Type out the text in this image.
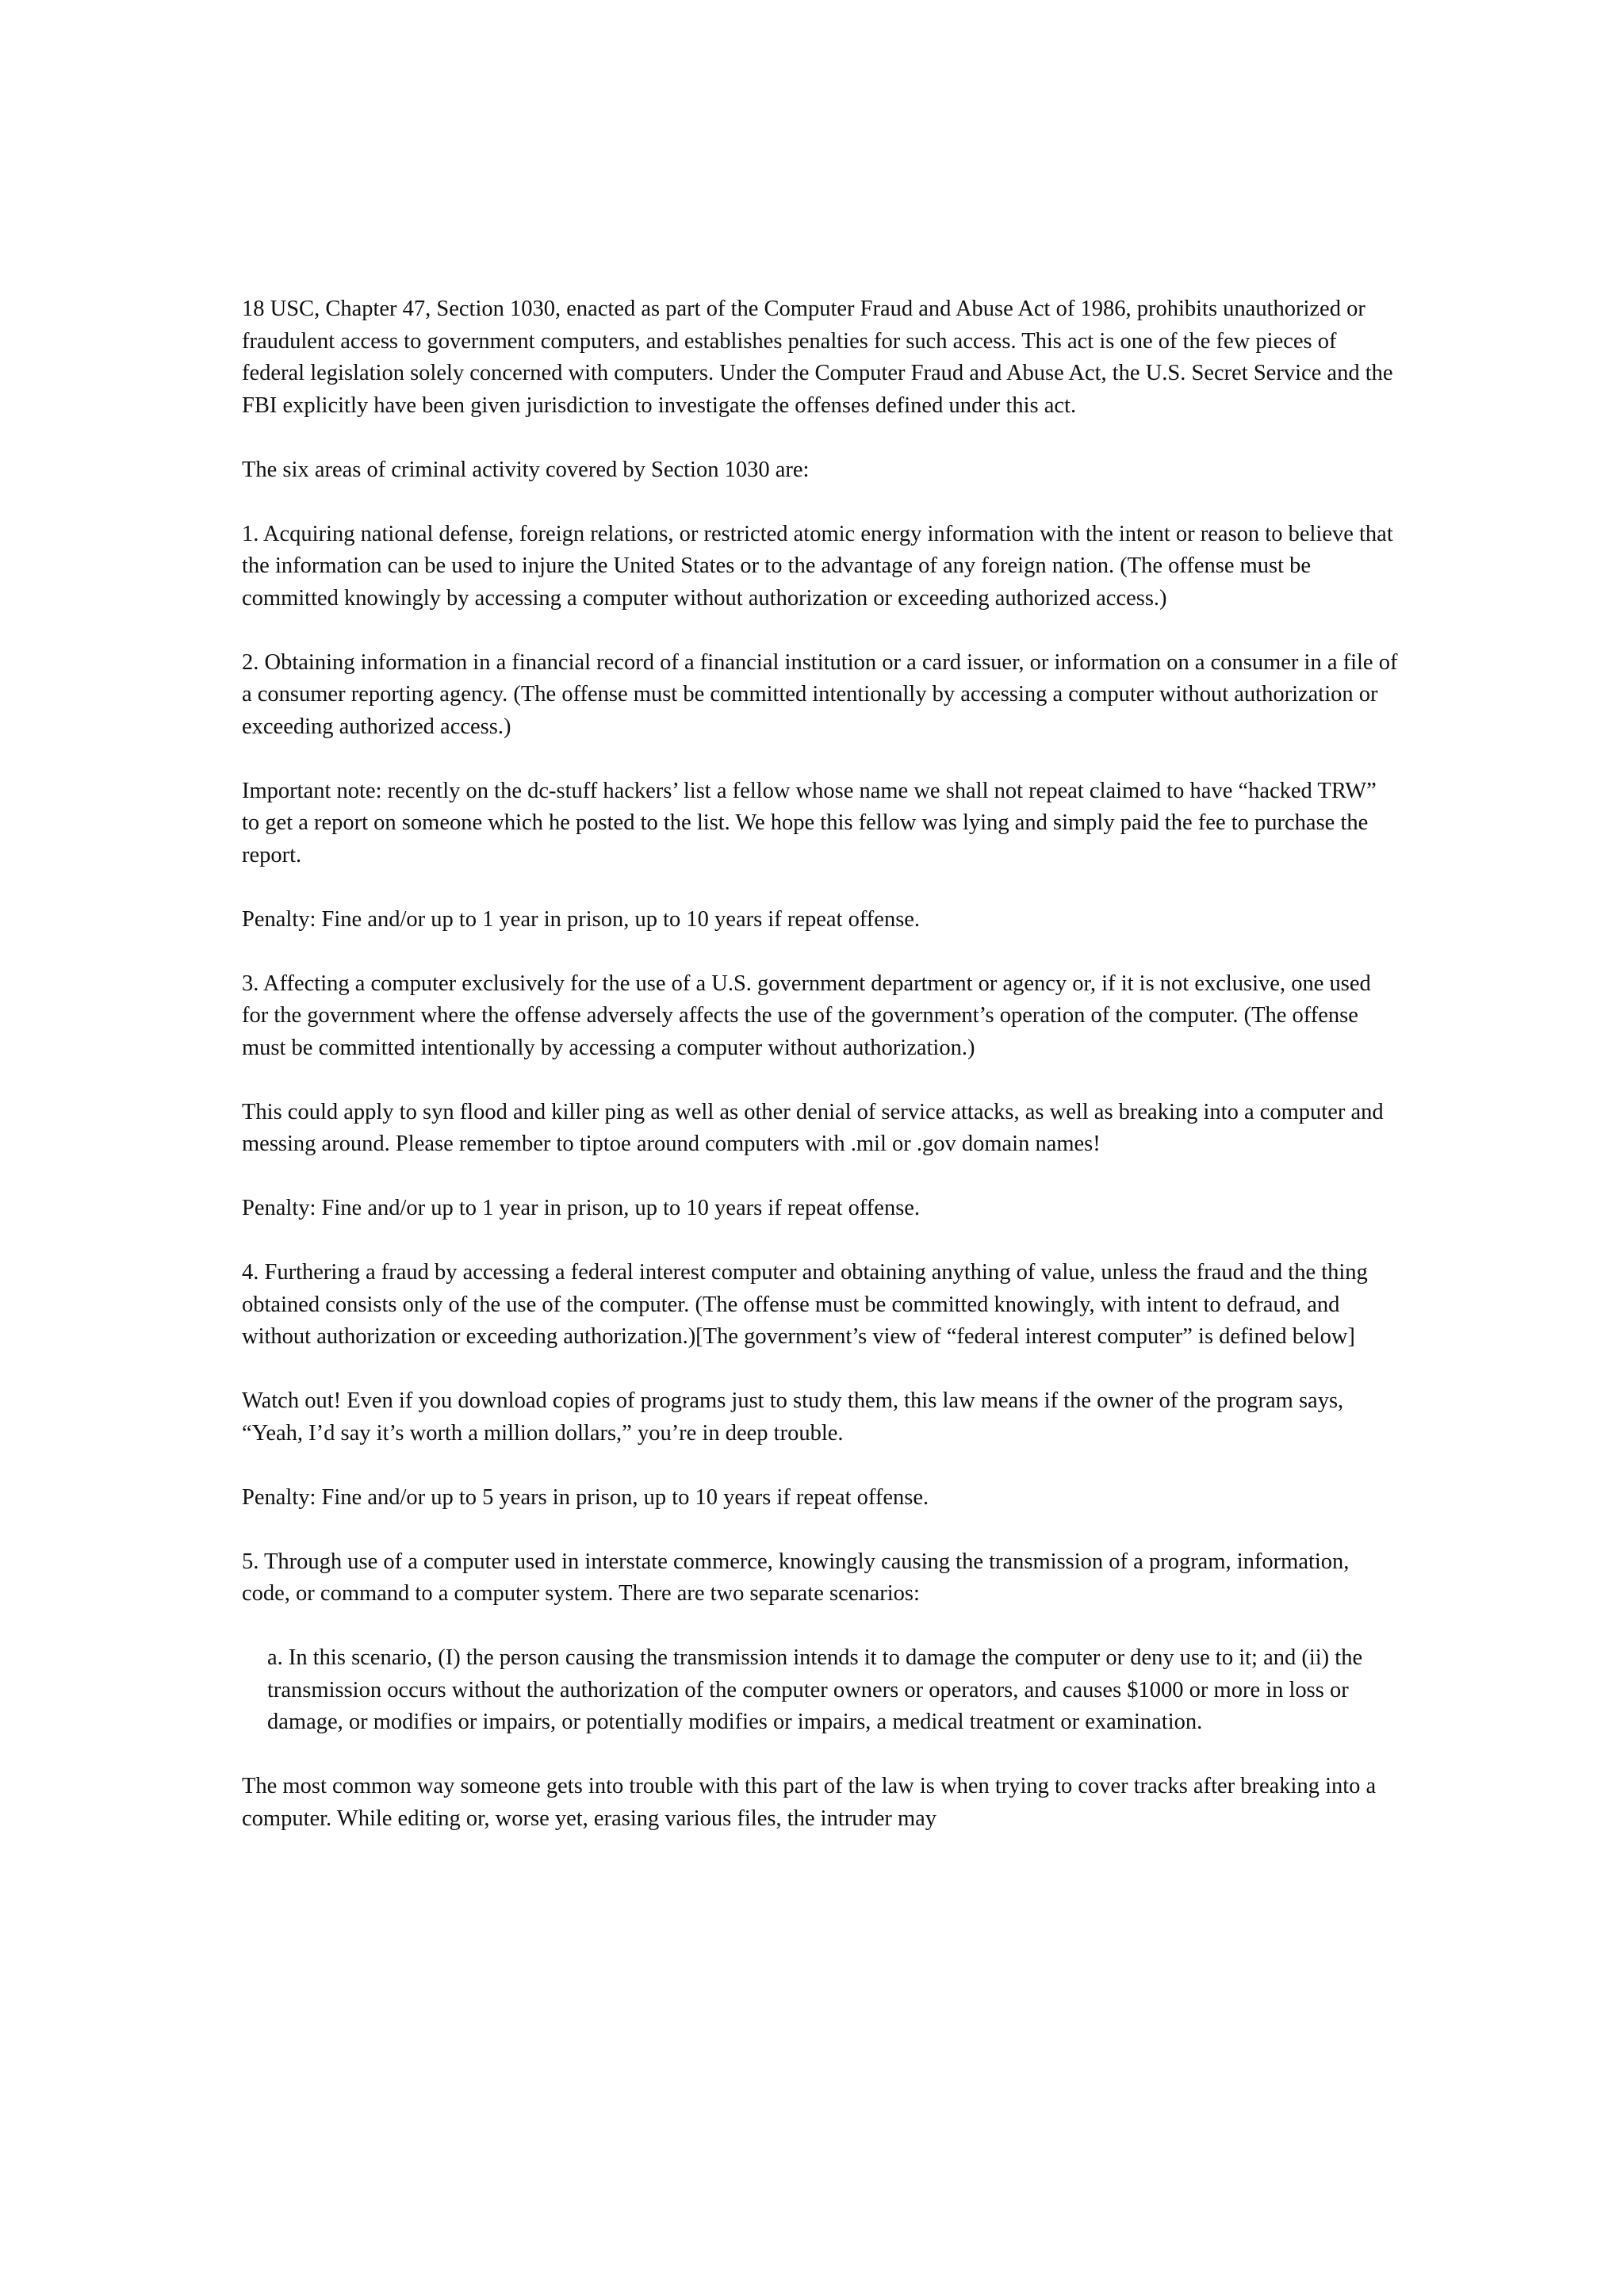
18 USC, Chapter 47, Section 1030, enacted as part of the Computer Fraud and Abuse Act of 1986, prohibits unauthorized or fraudulent access to government computers, and establishes penalties for such access. This act is one of the few pieces of federal legislation solely concerned with computers. Under the Computer Fraud and Abuse Act, the U.S. Secret Service and the FBI explicitly have been given jurisdiction to investigate the offenses defined under this act.

The six areas of criminal activity covered by Section 1030 are:

1. Acquiring national defense, foreign relations, or restricted atomic energy information with the intent or reason to believe that the information can be used to injure the United States or to the advantage of any foreign nation. (The offense must be committed knowingly by accessing a computer without authorization or exceeding authorized access.)

2. Obtaining information in a financial record of a financial institution or a card issuer, or information on a consumer in a file of a consumer reporting agency. (The offense must be committed intentionally by accessing a computer without authorization or exceeding authorized access.)

Important note: recently on the dc-stuff hackers’ list a fellow whose name we shall not repeat claimed to have “hacked TRW” to get a report on someone which he posted to the list. We hope this fellow was lying and simply paid the fee to purchase the report.

Penalty: Fine and/or up to 1 year in prison, up to 10 years if repeat offense.

3. Affecting a computer exclusively for the use of a U.S. government department or agency or, if it is not exclusive, one used for the government where the offense adversely affects the use of the government’s operation of the computer. (The offense must be committed intentionally by accessing a computer without authorization.)

This could apply to syn flood and killer ping as well as other denial of service attacks, as well as breaking into a computer and messing around. Please remember to tiptoe around computers with .mil or .gov domain names!

Penalty: Fine and/or up to 1 year in prison, up to 10 years if repeat offense.

4. Furthering a fraud by accessing a federal interest computer and obtaining anything of value, unless the fraud and the thing obtained consists only of the use of the computer. (The offense must be committed knowingly, with intent to defraud, and without authorization or exceeding authorization.)[The government’s view of “federal interest computer” is defined below]

Watch out! Even if you download copies of programs just to study them, this law means if the owner of the program says, “Yeah, I’d say it’s worth a million dollars,” you’re in deep trouble.

Penalty: Fine and/or up to 5 years in prison, up to 10 years if repeat offense.

5. Through use of a computer used in interstate commerce, knowingly causing the transmission of a program, information, code, or command to a computer system. There are two separate scenarios:

a. In this scenario, (I) the person causing the transmission intends it to damage the computer or deny use to it; and (ii) the transmission occurs without the authorization of the computer owners or operators, and causes $1000 or more in loss or damage, or modifies or impairs, or potentially modifies or impairs, a medical treatment or examination.

The most common way someone gets into trouble with this part of the law is when trying to cover tracks after breaking into a computer. While editing or, worse yet, erasing various files, the intruder may
